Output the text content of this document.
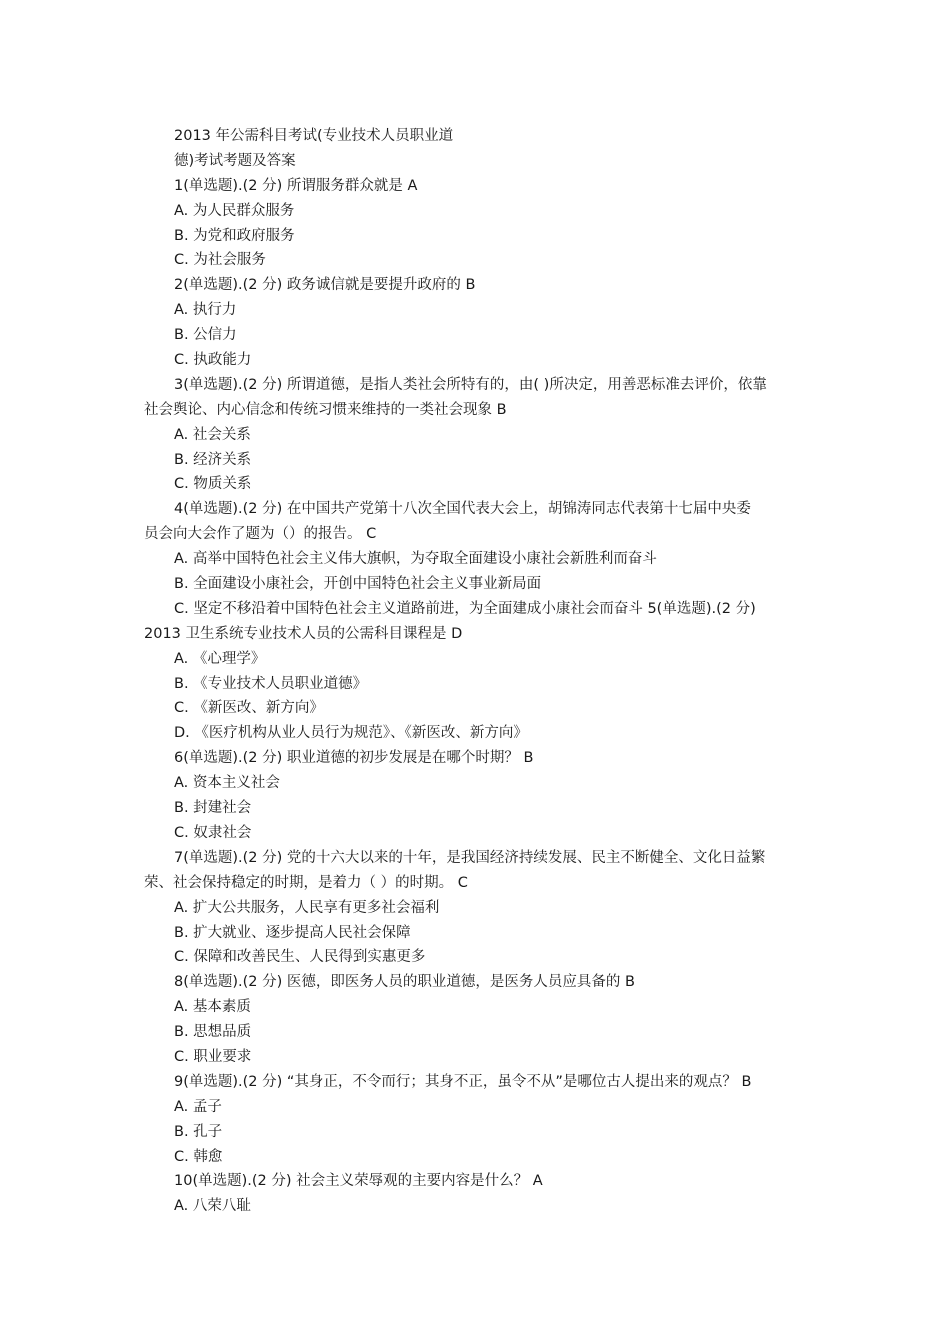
2013 年公需科目考试(专业技术人员职业道
德)考试考题及答案
1(单选题).(2 分) 所谓服务群众就是 A
A. 为人民群众服务
B. 为党和政府服务
C. 为社会服务
2(单选题).(2 分) 政务诚信就是要提升政府的 B
A. 执行力
B. 公信力
C. 执政能力
3(单选题).(2 分) 所谓道德，是指人类社会所特有的，由( )所决定，用善恶标准去评价，依靠
社会舆论、内心信念和传统习惯来维持的一类社会现象 B
A. 社会关系
B. 经济关系
C. 物质关系
4(单选题).(2 分) 在中国共产党第十八次全国代表大会上，胡锦涛同志代表第十七届中央委
员会向大会作了题为（）的报告。 C
A. 高举中国特色社会主义伟大旗帜，为夺取全面建设小康社会新胜利而奋斗
B. 全面建设小康社会，开创中国特色社会主义事业新局面
C. 坚定不移沿着中国特色社会主义道路前进，为全面建成小康社会而奋斗 5(单选题).(2 分)
2013 卫生系统专业技术人员的公需科目课程是 D
A. 《心理学》
B. 《专业技术人员职业道德》
C. 《新医改、新方向》
D. 《医疗机构从业人员行为规范》、《新医改、新方向》
6(单选题).(2 分) 职业道德的初步发展是在哪个时期？ B
A. 资本主义社会
B. 封建社会
C. 奴隶社会
7(单选题).(2 分) 党的十六大以来的十年，是我国经济持续发展、民主不断健全、文化日益繁
荣、社会保持稳定的时期，是着力（ ）的时期。 C
A. 扩大公共服务，人民享有更多社会福利
B. 扩大就业、逐步提高人民社会保障
C. 保障和改善民生、人民得到实惠更多
8(单选题).(2 分) 医德，即医务人员的职业道德，是医务人员应具备的 B
A. 基本素质
B. 思想品质
C. 职业要求
9(单选题).(2 分) “其身正，不令而行；其身不正，虽令不从”是哪位古人提出来的观点？ B
A. 孟子
B. 孔子
C. 韩愈
10(单选题).(2 分) 社会主义荣辱观的主要内容是什么？ A
A. 八荣八耻
